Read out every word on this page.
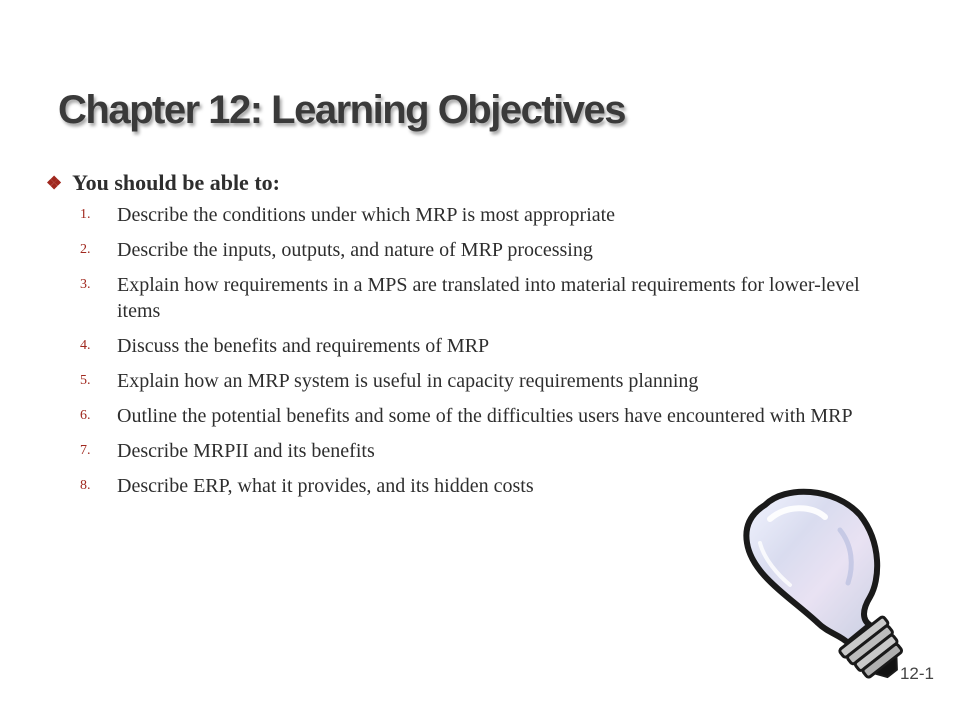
Chapter 12: Learning Objectives
❖ You should be able to:
1.	Describe the conditions under which MRP is most appropriate
2.	Describe the inputs, outputs, and nature of MRP processing
3.	Explain how requirements in a MPS are translated into material requirements for lower-level items
4.	Discuss the benefits and requirements of MRP
5.	Explain how an MRP system is useful in capacity requirements planning
6.	Outline the potential benefits and some of the difficulties users have encountered with MRP
7.	Describe MRPII and its benefits
8.	Describe ERP, what it provides, and its hidden costs
12-1
